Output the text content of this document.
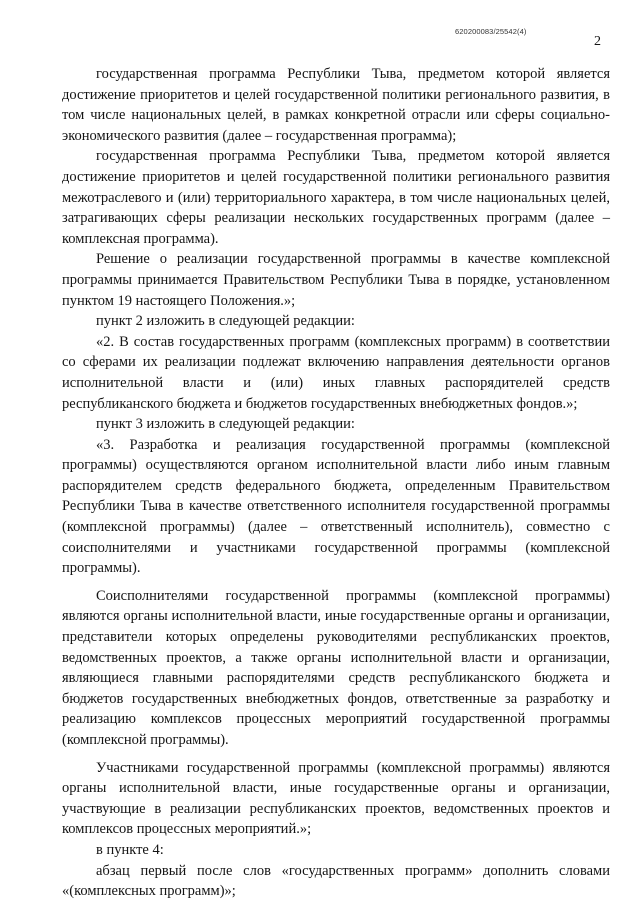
620200083/25542(4)
2

государственная программа Республики Тыва, предметом которой является достижение приоритетов и целей государственной политики регионального развития, в том числе национальных целей, в рамках конкретной отрасли или сферы социально-экономического развития (далее – государственная программа);

государственная программа Республики Тыва, предметом которой является достижение приоритетов и целей государственной политики регионального развития межотраслевого и (или) территориального характера, в том числе национальных целей, затрагивающих сферы реализации нескольких государственных программ (далее – комплексная программа).

Решение о реализации государственной программы в качестве комплексной программы принимается Правительством Республики Тыва в порядке, установленном пунктом 19 настоящего Положения.»;

пункт 2 изложить в следующей редакции:

«2. В состав государственных программ (комплексных программ) в соответствии со сферами их реализации подлежат включению направления деятельности органов исполнительной власти и (или) иных главных распорядителей средств республиканского бюджета и бюджетов государственных внебюджетных фондов.»;

пункт 3 изложить в следующей редакции:

«3. Разработка и реализация государственной программы (комплексной программы) осуществляются органом исполнительной власти либо иным главным распорядителем средств федерального бюджета, определенным Правительством Республики Тыва в качестве ответственного исполнителя государственной программы (комплексной программы) (далее – ответственный исполнитель), совместно с соисполнителями и участниками государственной программы (комплексной программы).

Соисполнителями государственной программы (комплексной программы) являются органы исполнительной власти, иные государственные органы и организации, представители которых определены руководителями республиканских проектов, ведомственных проектов, а также органы исполнительной власти и организации, являющиеся главными распорядителями средств республиканского бюджета и бюджетов государственных внебюджетных фондов, ответственные за разработку и реализацию комплексов процессных мероприятий государственной программы (комплексной программы).

Участниками государственной программы (комплексной программы) являются органы исполнительной власти, иные государственные органы и организации, участвующие в реализации республиканских проектов, ведомственных проектов и комплексов процессных мероприятий.»;

в пункте 4:

абзац первый после слов «государственных программ» дополнить словами «(комплексных программ)»;
